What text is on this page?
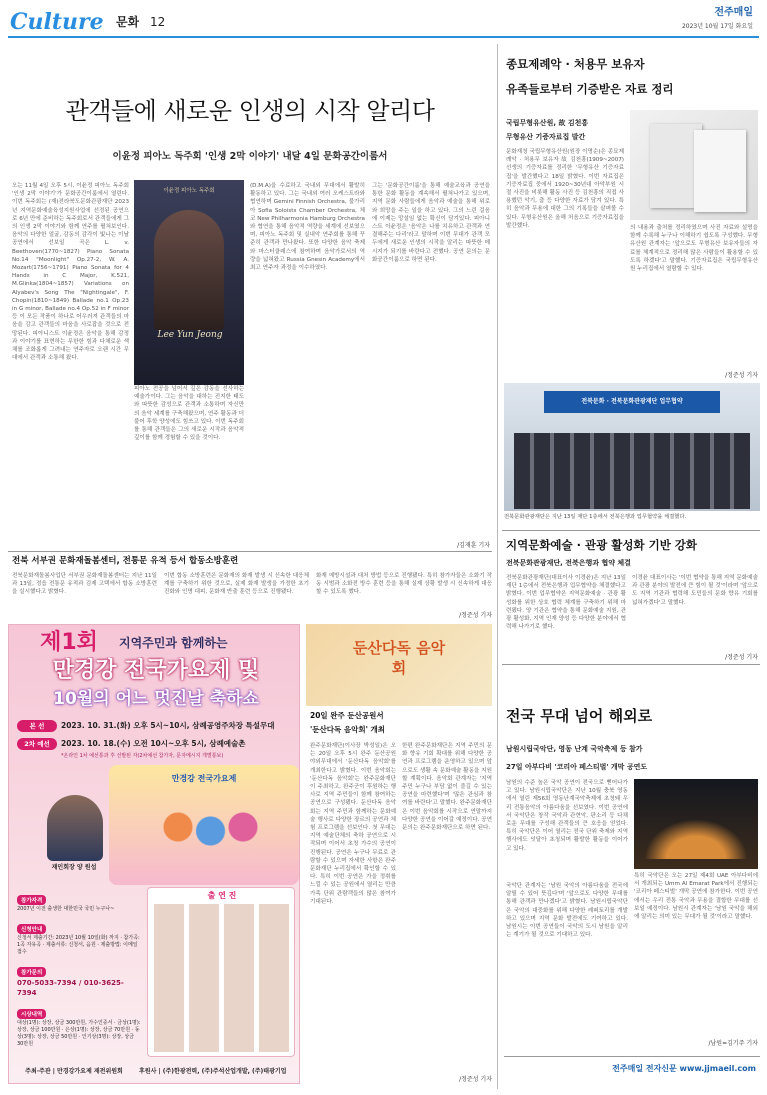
Culture 문화 12
전주매일
2023년 10월 17일 화요일
관객들에 새로운 인생의 시작 알리다
이윤정 피아노 독주회 '인생 2막 이야기' 내달 4일 문화공간이룸서
오는 11월 4일 오후 5시, 이윤정 피아노 독주회 '인생 2막 이야기'가 문화공간이룸에서 열린다. 이번 독주회는 (재)전라북도문화관광재단 2023년 지역문화예술육성지원사업에 선정된 공연으로 6년 만에 준비하는 독주회로서 관객들에게 그의 인생 2막 이야기와 함께 연주를 펼쳐보인다. 음악의 다양한 얼굴, 감동의 감각이 빛나는 이날 공연에서 선보일 곡은 L. v. Beethoven(1770~1827) Piano Sonata No.14 "Moonlight" Op.27-2, W. A. Mozart(1756~1791) Piano Sonata for 4 Hands in C Major, K.521, M.Glinka(1804~1857) Variations on Alyabev's Song The "Nightingale", F. Chopin(1810~1849) Ballade no.1 Op.23 in G minor, Ballade no.4 Op.52 in F minor 등 이 모든 작품이 하나로 어우러져 관객들의 마음을 감고 관객들의 마음을 사로잡을 것으로 전망된다. 피아니스트 이윤정은 음악을 통해 감정과 이야기를 표현하는 무한한 힘과 다채로운 색채를 조화롭게 그려내는 연주자로 오랜 시간 무대에서 관객과 소통해 왔다.
이윤정 피아노 독주회
Lee Yun Jeong
피아노 전공을 넘어서 깊은 감동을 선사하는 예술가이다. 그는 음악을 대하는 진지한 태도와 따뜻한 감성으로 관객과 소통하며 자신만의 음악 세계를 구축해왔으며, 연주 활동과 더불어 후학 양성에도 힘쓰고 있다. 이번 독주회를 통해 관객들은 그의 새로운 시작과 음악적 깊이를 함께 경험할 수 있을 것이다.
(D.M.A)을 수료하고 국내외 무대에서 활발히 활동하고 있다. 그는 국내외 여러 오케스트라와 협연하며 Gemini Finnish Orchestra, 불가리아 Sofia Soloists Chamber Orchestra, 체코 New Philharmonia Hamburg Orchestra와 협연을 통해 음악적 역량을 세계에 선보였으며, 피아노 독주회 및 실내악 연주회를 통해 꾸준히 관객과 만나왔다. 또한 다양한 음악 축제와 마스터클래스에 참여하며 음악가로서의 역량을 넓혀왔고 Russia Gnesin Academy에서 최고 연주자 과정을 이수하였다.
그는 '문화공간이룸'을 통해 예술교육과 공연을 통한 문화 활동을 계속해서 펼쳐나가고 있으며, 지역 문화 사람들에게 음악과 예술을 통해 위로와 희망을 주는 일을 하고 있다. 그의 느린 걸음에 이제는 망설임 없는 확신이 담겨있다. 피아니스트 이윤정은 '음악은 나를 치유하고 관객과 연결해주는 다리'라고 말하며 이번 무대가 관객 모두에게 새로운 인생의 시작을 알리는 따뜻한 메시지가 되기를 바란다고 전했다. 공연 문의는 문화공간이룸으로 하면 된다.
/김재훈 기자
전북 서부권 문화재돌봄센터, 전통문 유적 등서 합동소방훈련
전북문화재돌봄사업단 서부권 문화재돌봄센터는 지난 11일과 13일, 정읍 전통문 유적과 김제 고택에서 합동 소방훈련을 실시했다고 밝혔다.
이번 합동 소방훈련은 문화재의 화재 발생 시 신속한 대응체계를 구축하기 위한 것으로, 실제 화재 발생을 가정한 초기 진화와 인명 대피, 문화재 반출 훈련 등으로 진행됐다.
화재 예방시설과 대처 방법 등으로 진행됐다. 특히 참가자들은 소화기 작동 시범과 소화전 방수 훈련 등을 통해 실제 상황 발생 시 신속하게 대응할 수 있도록 했다.
/정준성 기자
지역주민과 함께하는
제1회
만경강 전국가요제 및
10월의 어느 멋진날 축하쇼
본 선	2023. 10. 31.(화) 오후 5시~10시, 삼례공영주차장 특설무대
2차 예선	2023. 10. 18.(수) 오전 10시~오후 5시, 삼례예술촌
*온라인 1차 예선통과 후 선발된 자(2차예선 참가자, 문자메시지 개별통보)
만경강 전국가요제
재인회장 양 원섭
참가자격
2007년 이전 출생한 대한민국 국민 누구나~
신청안내
신청서 제출기간: 2023년 10월 10일(화) 까지 · 참가곡: 1곡 자유곡 · 제출서류: 신청서, 음원 · 제출방법: 이메일 접수
참가문의
070-5033-7394 / 010-3625-7394
시상내역
대상(1명): 상장, 상금 300만원, 가수인증서 · 금상(1명): 상장, 상금 100만원 · 은상(1명): 상장, 상금 70만원 · 동상(3명): 상장, 상금 50만원 · 인기상(3명): 상장, 상금 30만원
출 연 진
주최·주관 | 만경강가요제 재전위원회	후원사 | (주)한광전력, (주)주석산업개발, (주)태광기업
둔산다독 음악회
20일 완주 둔산공원서
'둔산다독 음악회' 개최
완주문화재단(이사장 박성일)은 오는 20일 오후 5시 완주 둔산공원 야외무대에서 '둔산다독 음악회'를 개최한다고 밝혔다. 이번 음악회는 '둔산다독 음악회'는 완주문화재단이 주최하고, 완주군이 후원하는 행사로 지역 주민들이 함께 참여하는 공연으로 구성됐다. 둔산다독 음악회는 지역 주민과 함께하는 문화예술 행사로 다양한 장르의 공연과 체험 프로그램을 선보인다. 첫 무대는 지역 예술단체의 축하 공연으로 시작되며 이어서 초청 가수의 공연이 진행된다. 공연은 누구나 무료로 관람할 수 있으며 자세한 사항은 완주문화재단 누리집에서 확인할 수 있다. 특히 이번 공연은 가을 정취를 느낄 수 있는 공원에서 열리는 만큼 가족 단위 관람객들의 많은 참여가 기대된다.
한편 완주문화재단은 지역 주민의 문화 향유 기회 확대를 위해 다양한 공연과 프로그램을 운영하고 있으며 앞으로도 생활 속 문화예술 활동을 지원할 계획이다. 음악회 관계자는 '지역 주민 누구나 부담 없이 즐길 수 있는 공연을 마련했다'며 '많은 관심과 참여를 바란다'고 말했다. 완주문화재단은 이번 음악회를 시작으로 연말까지 다양한 공연을 이어갈 예정이다. 공연 문의는 완주문화재단으로 하면 된다.
/정준성 기자
종묘제례악 · 처용무 보유자
유족들로부터 기증받은 자료 정리
국립무형유산원, 故 김천흥
무형유산 기증자료집 발간
문화재청 국립무형유산원(원장 이명순)은 종묘제례악 · 처용무 보유자 故 김천흥(1909~2007) 선생의 기증자료를 정리한 '무형유산 기증자료집'을 발간했다고 18일 밝혔다. 이번 자료집은 기증자료집 중에서 1920~30년대 아악부원 시절 사진을 비롯해 활동 사진 등 김천흥의 직접 사용했던 악기, 춤 등 다양한 자료가 담겨 있다. 특히 음악과 무용에 대한 그의 기록들을 살펴볼 수 있다. 무형유산원은 올해 처음으로 기증자료집을 발간했다.	의 내용과 출처를 정리하였으며 사진 자료와 설명을 함께 수록해 누구나 이해하기 쉽도록 구성했다. 무형유산원 관계자는 '앞으로도 무형유산 보유자들의 자료를 체계적으로 정리해 많은 사람들이 활용할 수 있도록 하겠다'고 말했다. 기증자료집은 국립무형유산원 누리집에서 열람할 수 있다.
/정준성 기자
전북문화 · 전북문화관광재단 업무협약
전북문화관광재단은 지난 13일 재단 1층에서 전북은행과 업무협약을 체결했다.
지역문화예술 · 관광 활성화 기반 강화
전북문화관광재단, 전북은행과 협약 체결
전북문화관광재단(대표이사 이경윤)은 지난 13일 재단 1층에서 전북은행과 업무협약을 체결했다고 밝혔다. 이번 업무협약은 지역문화예술 · 관광 활성화를 위한 상호 협력 체계를 구축하기 위해 마련됐다. 양 기관은 협약을 통해 문화예술 지원, 관광 활성화, 지역 인재 양성 등 다양한 분야에서 협력해 나가기로 했다.
이경윤 대표이사는 '이번 협약을 통해 지역 문화예술과 관광 분야의 발전에 큰 힘이 될 것'이라며 '앞으로도 지역 기관과 협력해 도민들의 문화 향유 기회를 넓혀가겠다'고 말했다.
/정준성 기자
전국 무대 넘어 해외로
남원시립국악단, 영동 난계 국악축제 등 참가
27일 아부다비 '코리아 페스티벌' 개막 공연도
남원의 수준 높은 국악 공연이 전국으로 뻗어나가고 있다. 남원시립국악단은 지난 10월 충북 영동에서 열린 제56회 영동난계국악축제에 초청돼 우리 전통음악의 아름다움을 선보였다. 이번 공연에서 국악단은 창작 국악과 관현악, 판소리 등 다채로운 무대를 구성해 관객들의 큰 호응을 얻었다. 특히 국악단은 이어 열리는 전국 단위 축제와 지역 행사에도 잇달아 초청되며 활발한 활동을 이어가고 있다.
국악단 관계자는 '남원 국악의 아름다움을 전국에 알릴 수 있어 뜻깊다'며 '앞으로도 다양한 무대를 통해 관객과 만나겠다'고 밝혔다. 남원시립국악단은 국악의 대중화를 위해 다양한 레퍼토리를 개발하고 있으며 지역 문화 발전에도 기여하고 있다. 남원시는 이번 공연들이 국악의 도시 남원을 알리는 계기가 될 것으로 기대하고 있다.
특히 국악단은 오는 27일 제4회 UAE 아부다비에서 개최되는 Umm Al Emarat Park에서 진행되는 '코리아 페스티벌' 개막 공연에 참가한다. 이번 공연에서는 우리 전통 국악과 무용을 결합한 무대를 선보일 예정이다. 남원시 관계자는 '남원 국악을 해외에 알리는 의미 있는 무대가 될 것'이라고 말했다.
/남원=김기주 기자
전주매일 전자신문 www.jjmaeil.com
